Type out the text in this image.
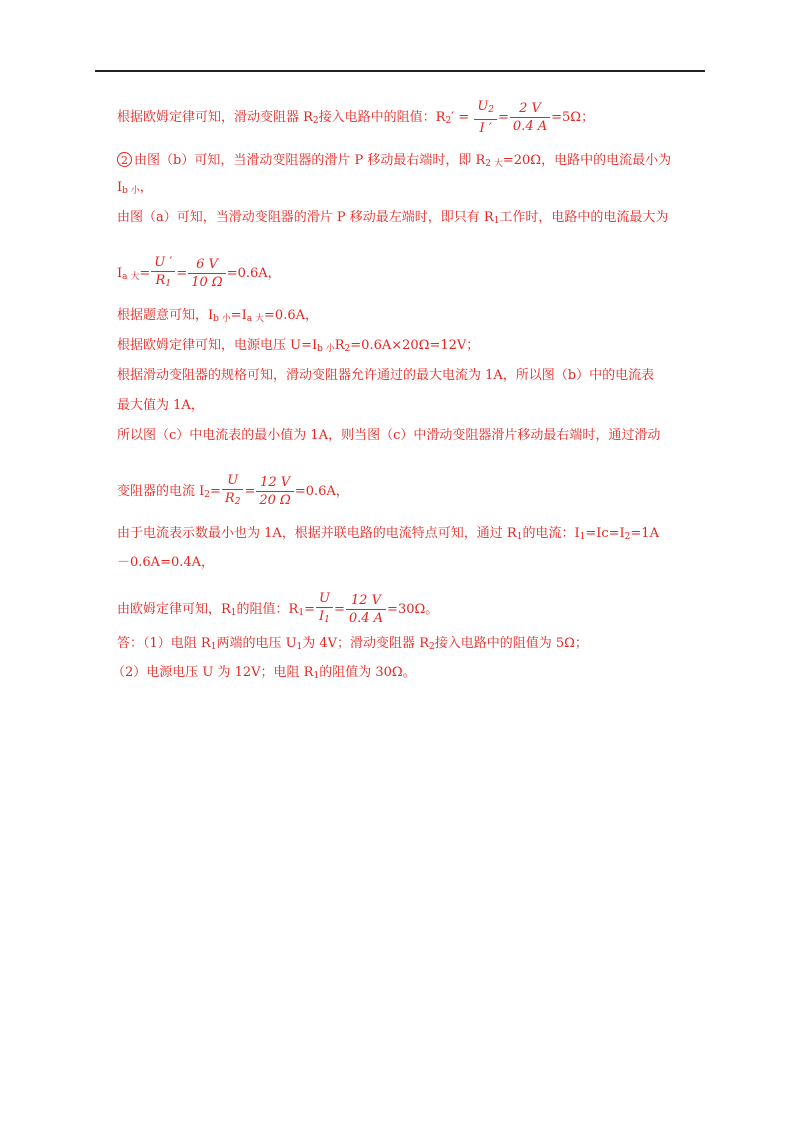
根据欧姆定律可知，滑动变阻器 $R_2$接入电路中的阻值：$R_2' = \frac{U_2}{I '} = \frac{2 V}{0.4 A} =5\Omega$；
2 由图（b）可知，当滑动变阻器的滑片 P 移动最右端时，即 $R_{2 大}=20\Omega$，电路中的电流最小为
$I_{b 小}$，
由图（a）可知，当滑动变阻器的滑片 P 移动最左端时，即只有 $R_1$工作时，电路中的电流最大为
$I_{a 大}= \frac{U '}{R_1} = \frac{6 V}{10 \Omega} =0.6A$，
根据题意可知，$I_{b 小}=I_{a 大}=0.6A$，
根据欧姆定律可知，电源电压 $U=I_{b 小}R_2=0.6A\times 20\Omega=12V$；
根据滑动变阻器的规格可知，滑动变阻器允许通过的最大电流为 1A，所以图（b）中的电流表
最大值为 1A，
所以图（c）中电流表的最小值为 1A，则当图（c）中滑动变阻器滑片移动最右端时，通过滑动
变阻器的电流 $I_2= \frac{U}{R_2} = \frac{12 V}{20 \Omega} =0.6A$，
由于电流表示数最小也为 1A，根据并联电路的电流特点可知，通过 $R_1$的电流：$I_1=Ic=I_2=1A$
－0.6A=0.4A，
由欧姆定律可知，$R_1$的阻值：$R_1= \frac{U}{I_1} = \frac{12 V}{0.4 A} =30\Omega$。
答：（1）电阻 $R_1$两端的电压 $U_1$为 4V；滑动变阻器 $R_2$接入电路中的阻值为 5Ω；
（2）电源电压 U 为 12V；电阻 $R_1$的阻值为 30Ω。
